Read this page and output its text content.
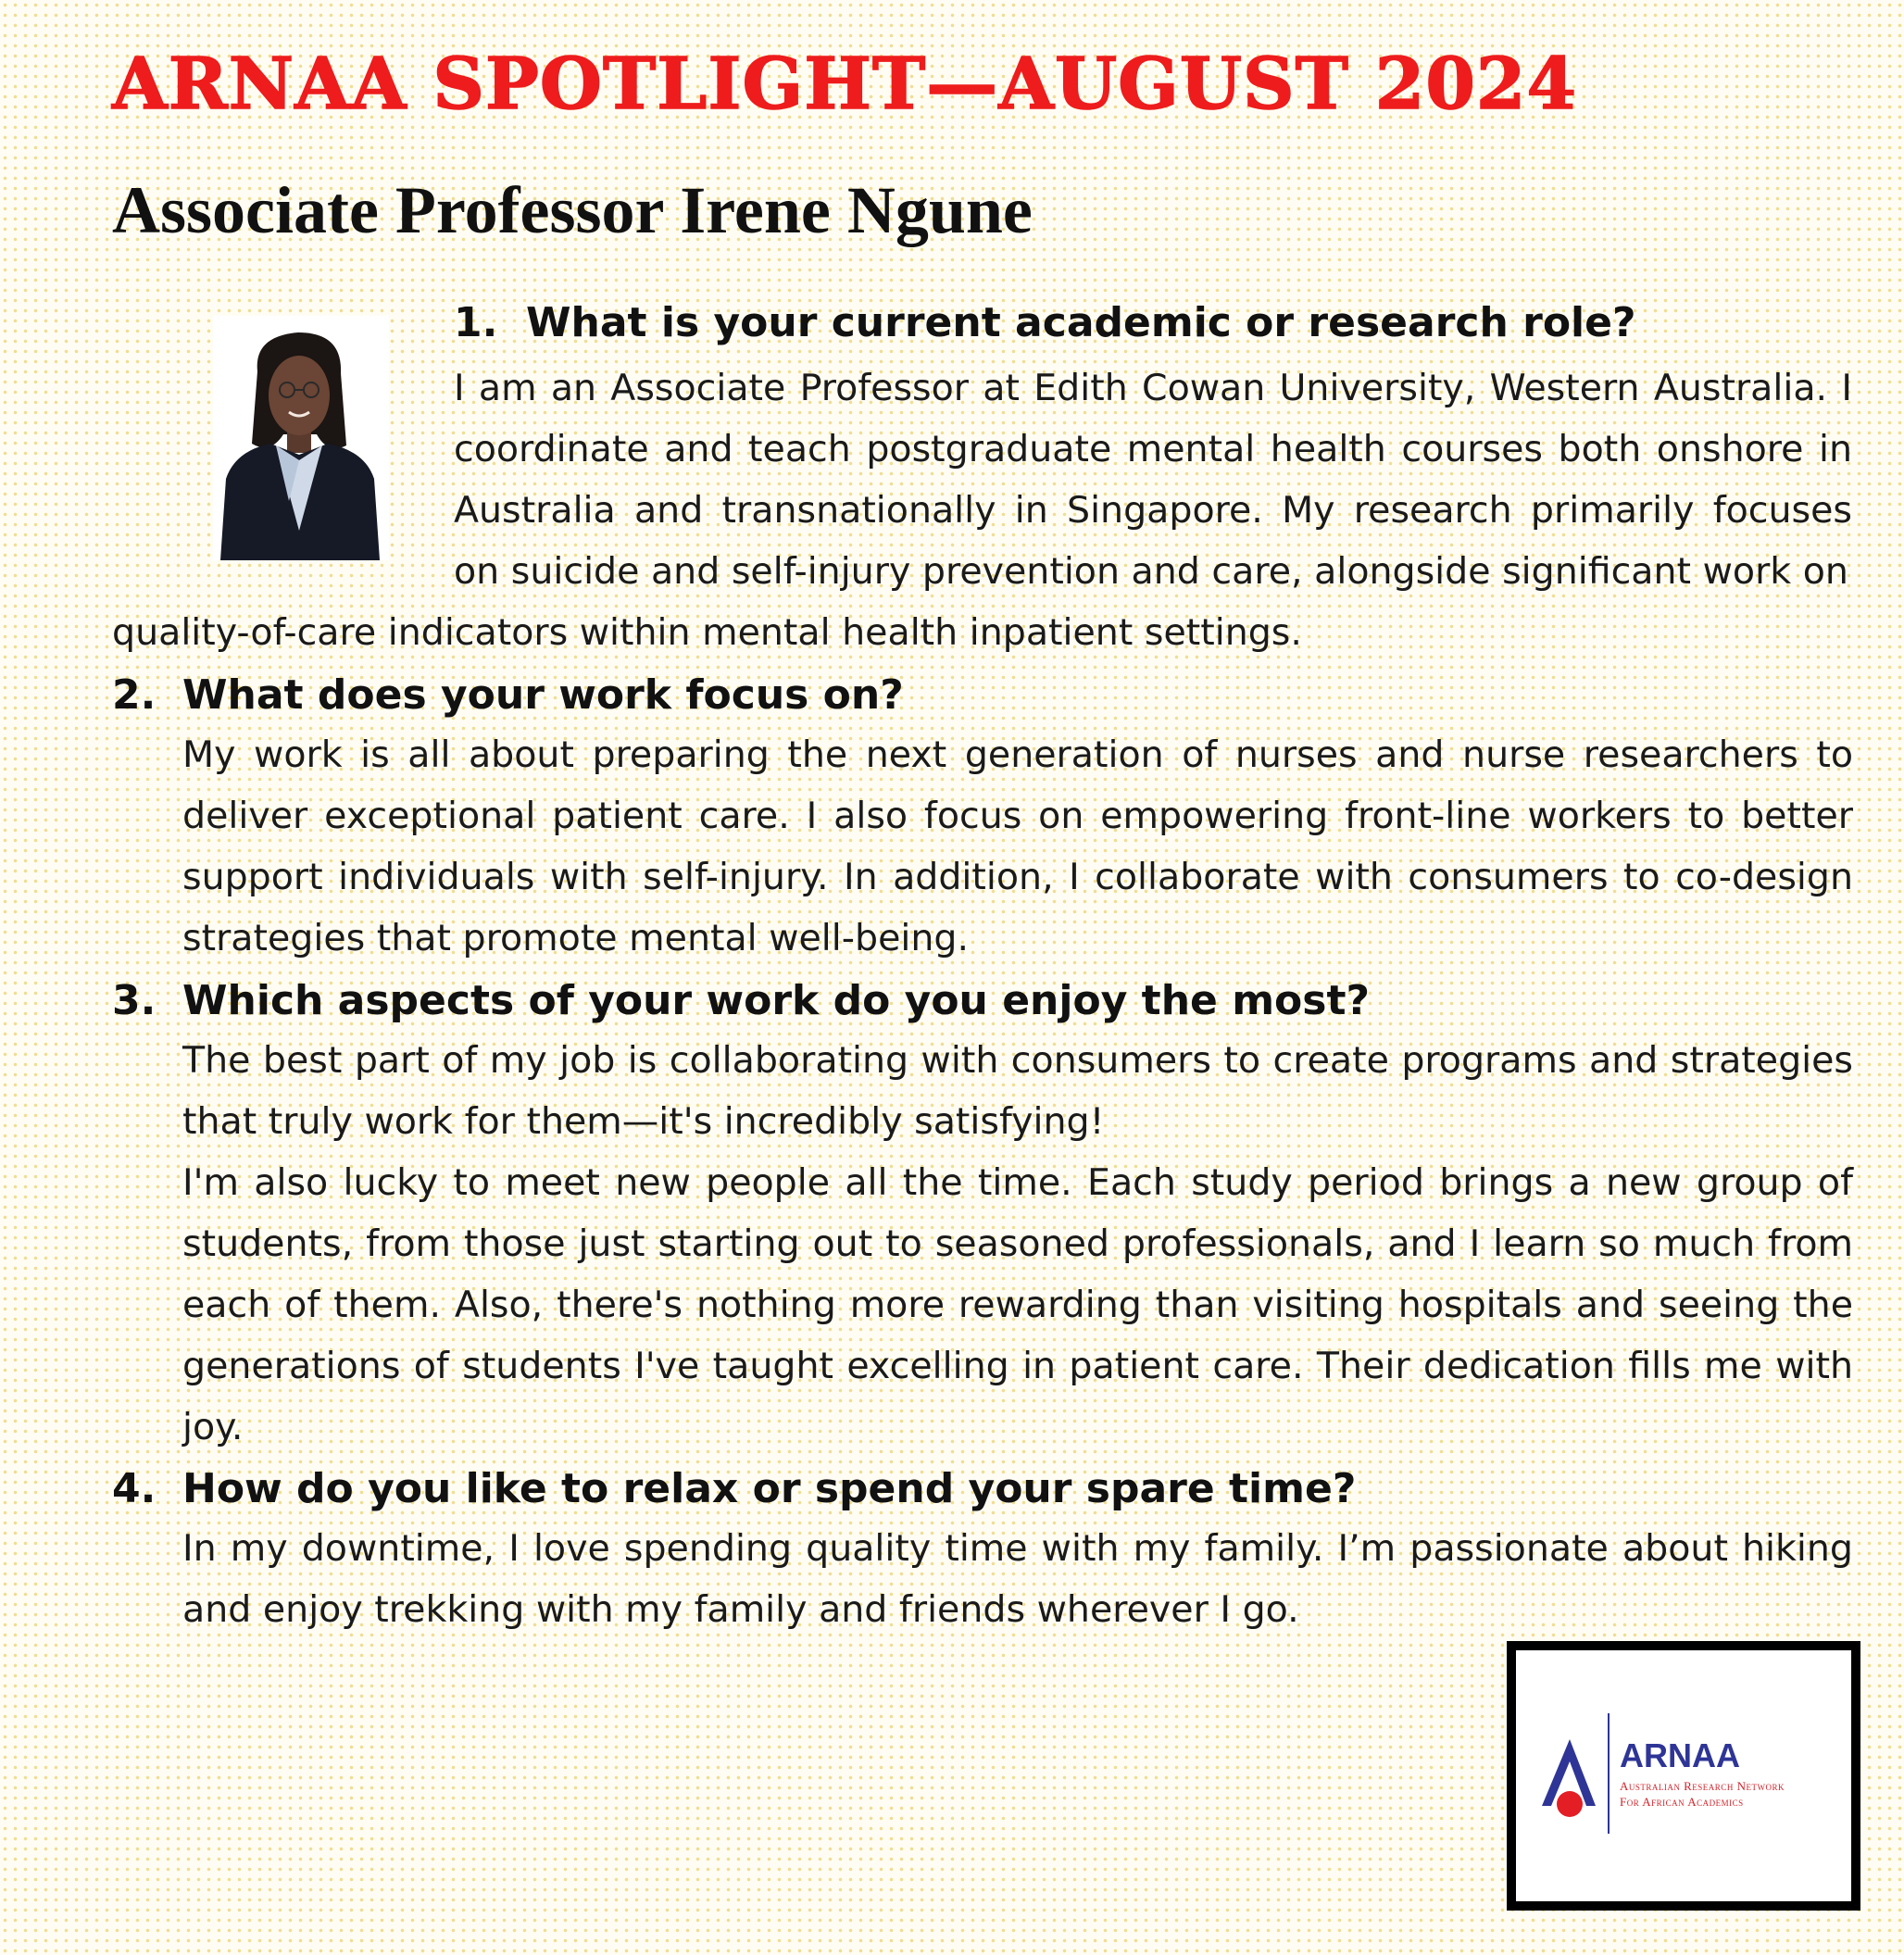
ARNAA SPOTLIGHT—AUGUST 2024
Associate Professor Irene Ngune

1. What is your current academic or research role?

I am an Associate Professor at Edith Cowan University, Western Australia. I coordinate and teach postgraduate mental health courses both onshore in Australia and transnationally in Singapore. My research primarily focuses on suicide and self-injury prevention and care, alongside significant work on

quality-of-care indicators within mental health inpatient settings.

2. What does your work focus on?

My work is all about preparing the next generation of nurses and nurse researchers to deliver exceptional patient care. I also focus on empowering front-line workers to better support individuals with self-injury. In addition, I collaborate with consumers to co-design strategies that promote mental well-being.

3. Which aspects of your work do you enjoy the most?

The best part of my job is collaborating with consumers to create programs and strategies that truly work for them—it's incredibly satisfying!

I'm also lucky to meet new people all the time. Each study period brings a new group of students, from those just starting out to seasoned professionals, and I learn so much from each of them. Also, there's nothing more rewarding than visiting hospitals and seeing the generations of students I've taught excelling in patient care. Their dedication fills me with joy.

4. How do you like to relax or spend your spare time?

In my downtime, I love spending quality time with my family. I’m passionate about hiking and enjoy trekking with my family and friends wherever I go.

ARNAA

Australian Research Network

For African Academics
